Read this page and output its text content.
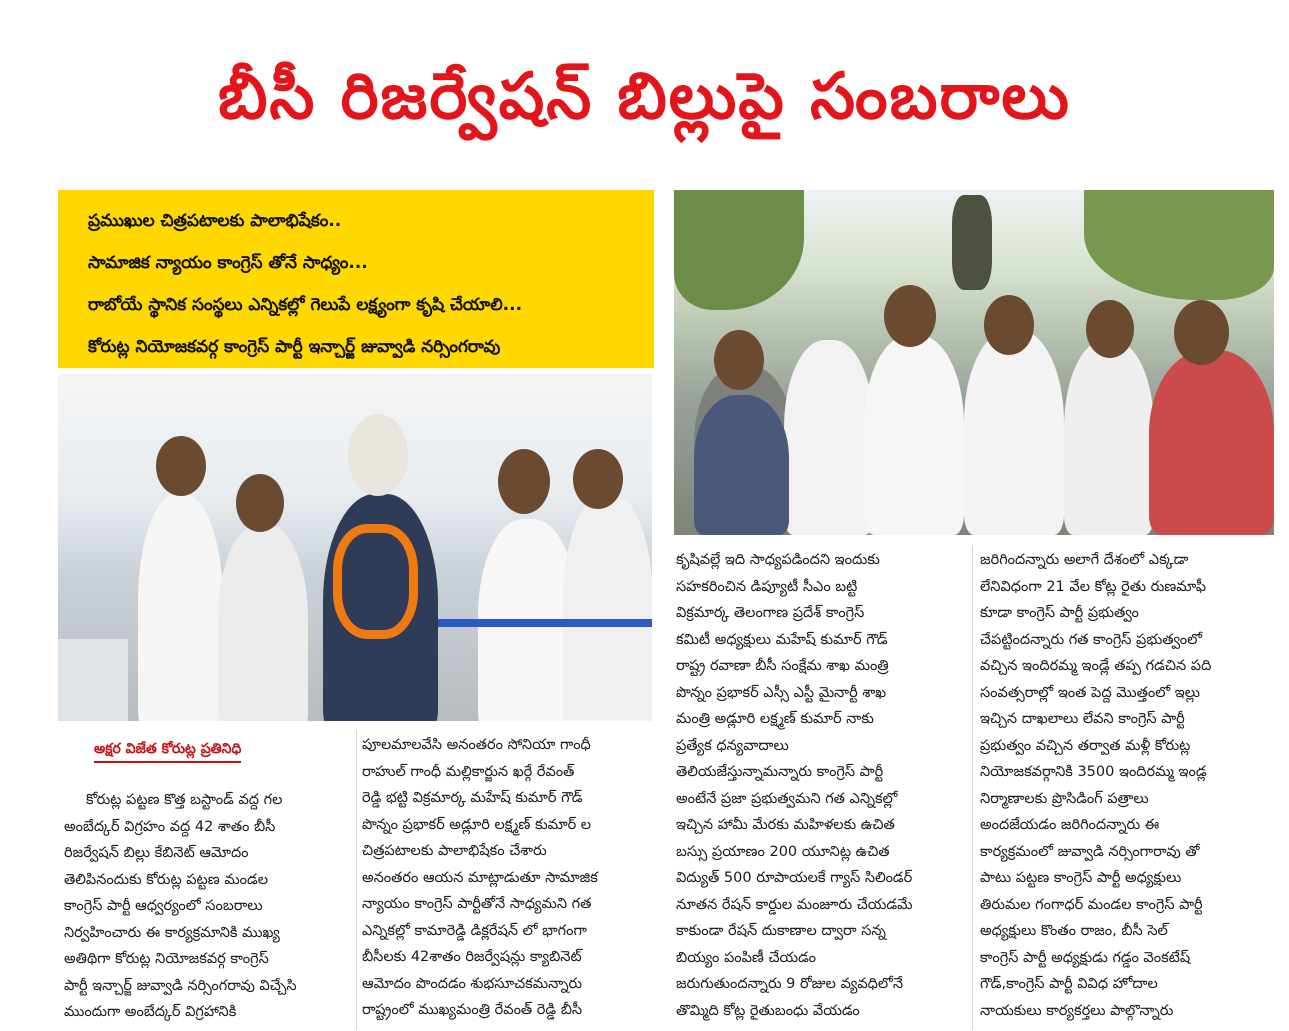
బీసీ రిజర్వేషన్ బిల్లుపై సంబరాలు

ప్రముఖుల చిత్రపటాలకు పాలాభిషేకం..

సామాజిక న్యాయం కాంగ్రెస్ తోనే సాధ్యం...

రాబోయే స్థానిక సంస్థలు ఎన్నికల్లో గెలుపే లక్ష్యంగా కృషి చేయాలి...

కోరుట్ల నియోజకవర్గ కాంగ్రెస్ పార్టీ ఇన్చార్జ్ జువ్వాడి నర్సింగరావు

అక్షర విజేత కోరుట్ల ప్రతినిధి

కోరుట్ల పట్టణ కొత్త బస్టాండ్ వద్ద గల

అంబేద్కర్ విగ్రహం వద్ద 42 శాతం బీసీ

రిజర్వేషన్ బిల్లు కేబినెట్ ఆమోదం

తెలిపినందుకు కోరుట్ల పట్టణ మండల

కాంగ్రెస్ పార్టీ ఆధ్వర్యంలో సంబరాలు

నిర్వహించారు ఈ కార్యక్రమానికి ముఖ్య

అతిథిగా కోరుట్ల నియోజకవర్గ కాంగ్రెస్

పార్టీ ఇన్చార్జ్ జువ్వాడి నర్సింగరావు విచ్చేసి

ముందుగా అంబేద్కర్ విగ్రహానికి

పూలమాలవేసి అనంతరం సోనియా గాంధీ

రాహుల్ గాంధీ మల్లికార్జున ఖర్గే రేవంత్

రెడ్డి భట్టి విక్రమార్క మహేష్ కుమార్ గౌడ్

పొన్నం ప్రభాకర్ అడ్లూరి లక్ష్మణ్ కుమార్ ల

చిత్రపటాలకు పాలాభిషేకం చేశారు

అనంతరం ఆయన మాట్లాడుతూ సామాజిక

న్యాయం కాంగ్రెస్ పార్టీతోనే సాధ్యమని గత

ఎన్నికల్లో కామారెడ్డి డిక్లరేషన్ లో భాగంగా

బీసీలకు 42శాతం రిజర్వేషన్లు క్యాబినెట్

ఆమోదం పొందడం శుభసూచకమన్నారు

రాష్ట్రంలో ముఖ్యమంత్రి రేవంత్ రెడ్డి బీసీ

కృషివల్లే ఇది సాధ్యపడిందని ఇందుకు

సహకరించిన డిప్యూటీ సీఎం బట్టి

విక్రమార్క తెలంగాణ ప్రదేశ్ కాంగ్రెస్

కమిటీ అధ్యక్షులు మహేష్ కుమార్ గౌడ్

రాష్ట్ర రవాణా బీసీ సంక్షేమ శాఖ మంత్రి

పొన్నం ప్రభాకర్ ఎస్సీ ఎస్టీ మైనార్టీ శాఖ

మంత్రి అడ్లూరి లక్ష్మణ్ కుమార్ నాకు

ప్రత్యేక ధన్యవాదాలు

తెలియజేస్తున్నామన్నారు కాంగ్రెస్ పార్టీ

అంటేనే ప్రజా ప్రభుత్వమని గత ఎన్నికల్లో

ఇచ్చిన హామీ మేరకు మహిళలకు ఉచిత

బస్సు ప్రయాణం 200 యూనిట్ల ఉచిత

విద్యుత్ 500 రూపాయలకే గ్యాస్ సిలిండర్

నూతన రేషన్ కార్డుల మంజూరు చేయడమే

కాకుండా రేషన్ దుకాణాల ద్వారా సన్న

బియ్యం పంపిణీ చేయడం

జరుగుతుందన్నారు 9 రోజుల వ్యవధిలోనే

తొమ్మిది కోట్ల రైతుబంధు వేయడం

జరిగిందన్నారు అలాగే దేశంలో ఎక్కడా

లేనివిధంగా 21 వేల కోట్ల రైతు రుణమాఫీ

కూడా కాంగ్రెస్ పార్టీ ప్రభుత్వం

చేపట్టిందన్నారు గత కాంగ్రెస్ ప్రభుత్వంలో

వచ్చిన ఇందిరమ్మ ఇండ్లే తప్ప గడచిన పది

సంవత్సరాల్లో ఇంత పెద్ద మొత్తంలో ఇల్లు

ఇచ్చిన దాఖలాలు లేవని కాంగ్రెస్ పార్టీ

ప్రభుత్వం వచ్చిన తర్వాత మళ్లీ కోరుట్ల

నియోజకవర్గానికి 3500 ఇందిరమ్మ ఇండ్ల

నిర్మాణాలకు ప్రొసిడింగ్ పత్రాలు

అందజేయడం జరిగిందన్నారు ఈ

కార్యక్రమంలో జువ్వాడి నర్సింగారావు తో

పాటు పట్టణ కాంగ్రెస్ పార్టీ అధ్యక్షులు

తిరుమల గంగాధర్ మండల కాంగ్రెస్ పార్టీ

అధ్యక్షులు కొంతం రాజం, బీసీ సెల్

కాంగ్రెస్ పార్టీ అధ్యక్షుడు గడ్డం వెంకటేష్

గౌడ్,కాంగ్రెస్ పార్టీ వివిధ హోదాల

నాయకులు కార్యకర్తలు పాల్గొన్నారు
